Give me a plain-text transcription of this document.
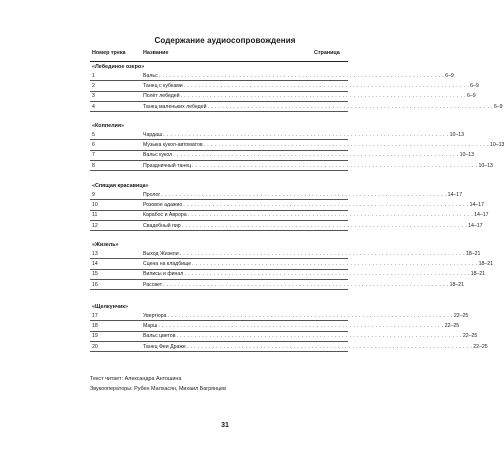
Содержание аудиосопровождения
Номер трека	Название	Страница
«Лебединое озеро»
1	Вальс . . . . . . . . . . . . . . . . . . . . . . . . . . . . . . . . . . . . . . . . . . . . . . . . . . . . . . . . . . . . . . . . . . . . . . . . . . . . . . 6–9
2	Танец с кубками . . . . . . . . . . . . . . . . . . . . . . . . . . . . . . . . . . . . . . . . . . . . . . . . . . . . . . . . . . . . . . . . . . . . . . . . . . . . . . 6–9
3	Полёт лебедей . . . . . . . . . . . . . . . . . . . . . . . . . . . . . . . . . . . . . . . . . . . . . . . . . . . . . . . . . . . . . . . . . . . . . . . . . . . . . . 6–9
4	Танец маленьких лебедей . . . . . . . . . . . . . . . . . . . . . . . . . . . . . . . . . . . . . . . . . . . . . . . . . . . . . . . . . . . . . . . . . . . . . . . . . . . . . . 6–9
«Коппелия»
5	Чардаш . . . . . . . . . . . . . . . . . . . . . . . . . . . . . . . . . . . . . . . . . . . . . . . . . . . . . . . . . . . . . . . . . . . . . . . . . . . . . . 10–13
6	Музыка кукол-автоматов . . . . . . . . . . . . . . . . . . . . . . . . . . . . . . . . . . . . . . . . . . . . . . . . . . . . . . . . . . . . . . . . . . . . . . . . . . . . . . 10–13
7	Вальс кукол . . . . . . . . . . . . . . . . . . . . . . . . . . . . . . . . . . . . . . . . . . . . . . . . . . . . . . . . . . . . . . . . . . . . . . . . . . . . . . 10–13
8	Праздничный танец . . . . . . . . . . . . . . . . . . . . . . . . . . . . . . . . . . . . . . . . . . . . . . . . . . . . . . . . . . . . . . . . . . . . . . . . . . . . . . 10–13
«Спящая красавица»
9	Пролог . . . . . . . . . . . . . . . . . . . . . . . . . . . . . . . . . . . . . . . . . . . . . . . . . . . . . . . . . . . . . . . . . . . . . . . . . . . . . . 14–17
10	Розовое адажио . . . . . . . . . . . . . . . . . . . . . . . . . . . . . . . . . . . . . . . . . . . . . . . . . . . . . . . . . . . . . . . . . . . . . . . . . . . . . . 14–17
11	Карабос и Аврора . . . . . . . . . . . . . . . . . . . . . . . . . . . . . . . . . . . . . . . . . . . . . . . . . . . . . . . . . . . . . . . . . . . . . . . . . . . . . . 14–17
12	Свадебный пир . . . . . . . . . . . . . . . . . . . . . . . . . . . . . . . . . . . . . . . . . . . . . . . . . . . . . . . . . . . . . . . . . . . . . . . . . . . . . . 14–17
«Жизель»
13	Выход Жизели . . . . . . . . . . . . . . . . . . . . . . . . . . . . . . . . . . . . . . . . . . . . . . . . . . . . . . . . . . . . . . . . . . . . . . . . . . . . . . 18–21
14	Сцена на кладбище . . . . . . . . . . . . . . . . . . . . . . . . . . . . . . . . . . . . . . . . . . . . . . . . . . . . . . . . . . . . . . . . . . . . . . . . . . . . . . 18–21
15	Вилисы и финал . . . . . . . . . . . . . . . . . . . . . . . . . . . . . . . . . . . . . . . . . . . . . . . . . . . . . . . . . . . . . . . . . . . . . . . . . . . . . . 18–21
16	Рассвет . . . . . . . . . . . . . . . . . . . . . . . . . . . . . . . . . . . . . . . . . . . . . . . . . . . . . . . . . . . . . . . . . . . . . . . . . . . . . . 18–21
«Щелкунчик»
17	Увертюра . . . . . . . . . . . . . . . . . . . . . . . . . . . . . . . . . . . . . . . . . . . . . . . . . . . . . . . . . . . . . . . . . . . . . . . . . . . . . . 22–25
18	Марш . . . . . . . . . . . . . . . . . . . . . . . . . . . . . . . . . . . . . . . . . . . . . . . . . . . . . . . . . . . . . . . . . . . . . . . . . . . . . . 22–25
19	Вальс цветов . . . . . . . . . . . . . . . . . . . . . . . . . . . . . . . . . . . . . . . . . . . . . . . . . . . . . . . . . . . . . . . . . . . . . . . . . . . . . . 22–25
20	Танец Феи Драже . . . . . . . . . . . . . . . . . . . . . . . . . . . . . . . . . . . . . . . . . . . . . . . . . . . . . . . . . . . . . . . . . . . . . . . . . . . . . . 22–25
Текст читает: Александра Антошина
Звукооператоры: Рубен Малхасян, Михаил Багрянцев
31
